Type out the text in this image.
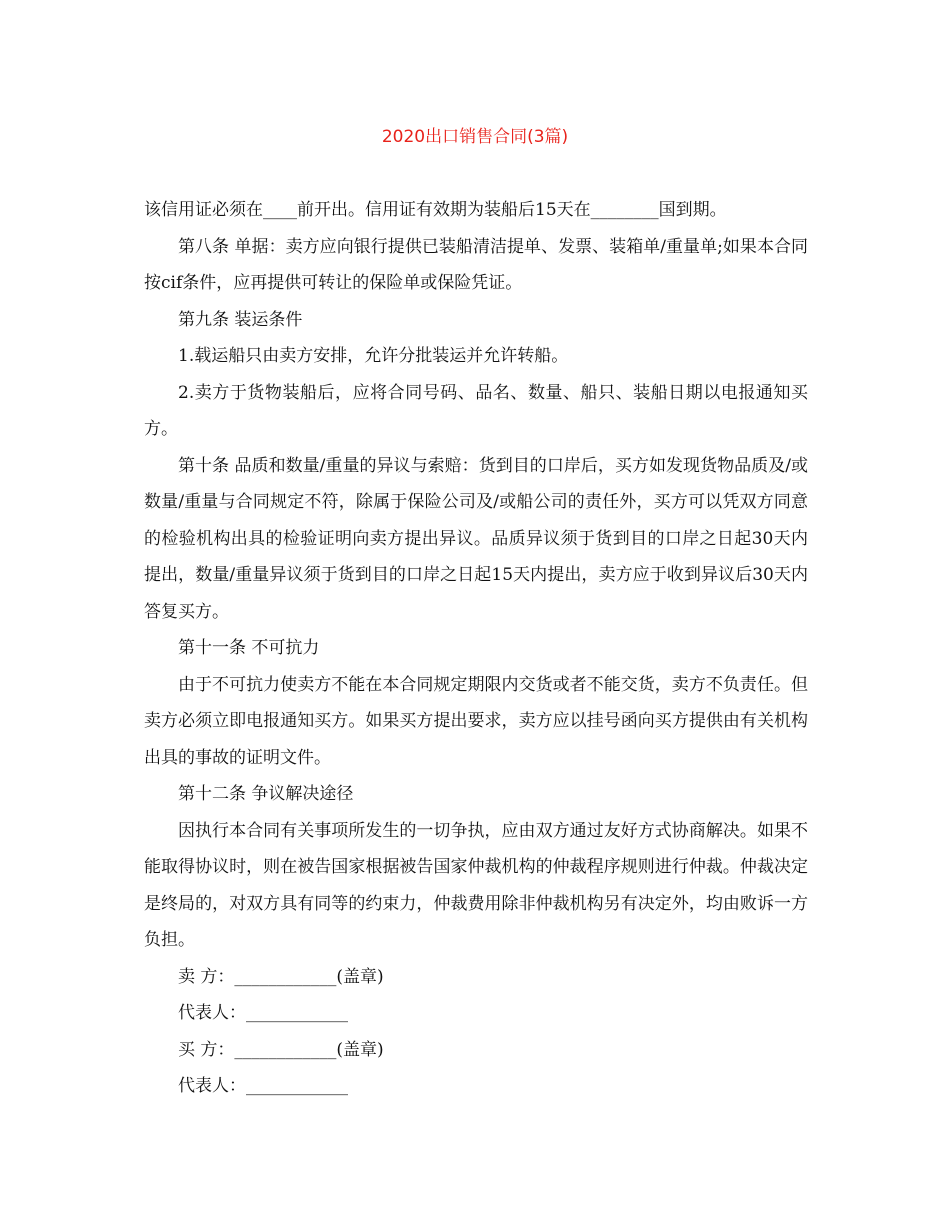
2020出口销售合同(3篇)

该信用证必须在____前开出。信用证有效期为装船后15天在________国到期。

第八条 单据：卖方应向银行提供已装船清洁提单、发票、装箱单/重量单;如果本合同按cif条件，应再提供可转让的保险单或保险凭证。

第九条 装运条件

1.载运船只由卖方安排，允许分批装运并允许转船。

2.卖方于货物装船后，应将合同号码、品名、数量、船只、装船日期以电报通知买方。

第十条 品质和数量/重量的异议与索赔：货到目的口岸后，买方如发现货物品质及/或数量/重量与合同规定不符，除属于保险公司及/或船公司的责任外，买方可以凭双方同意的检验机构出具的检验证明向卖方提出异议。品质异议须于货到目的口岸之日起30天内提出，数量/重量异议须于货到目的口岸之日起15天内提出，卖方应于收到异议后30天内答复买方。

第十一条 不可抗力

由于不可抗力使卖方不能在本合同规定期限内交货或者不能交货，卖方不负责任。但卖方必须立即电报通知买方。如果买方提出要求，卖方应以挂号函向买方提供由有关机构出具的事故的证明文件。

第十二条 争议解决途径

因执行本合同有关事项所发生的一切争执，应由双方通过友好方式协商解决。如果不能取得协议时，则在被告国家根据被告国家仲裁机构的仲裁程序规则进行仲裁。仲裁决定是终局的，对双方具有同等的约束力，仲裁费用除非仲裁机构另有决定外，均由败诉一方负担。

卖 方：____________(盖章)

代表人：____________

买 方：____________(盖章)

代表人：____________
